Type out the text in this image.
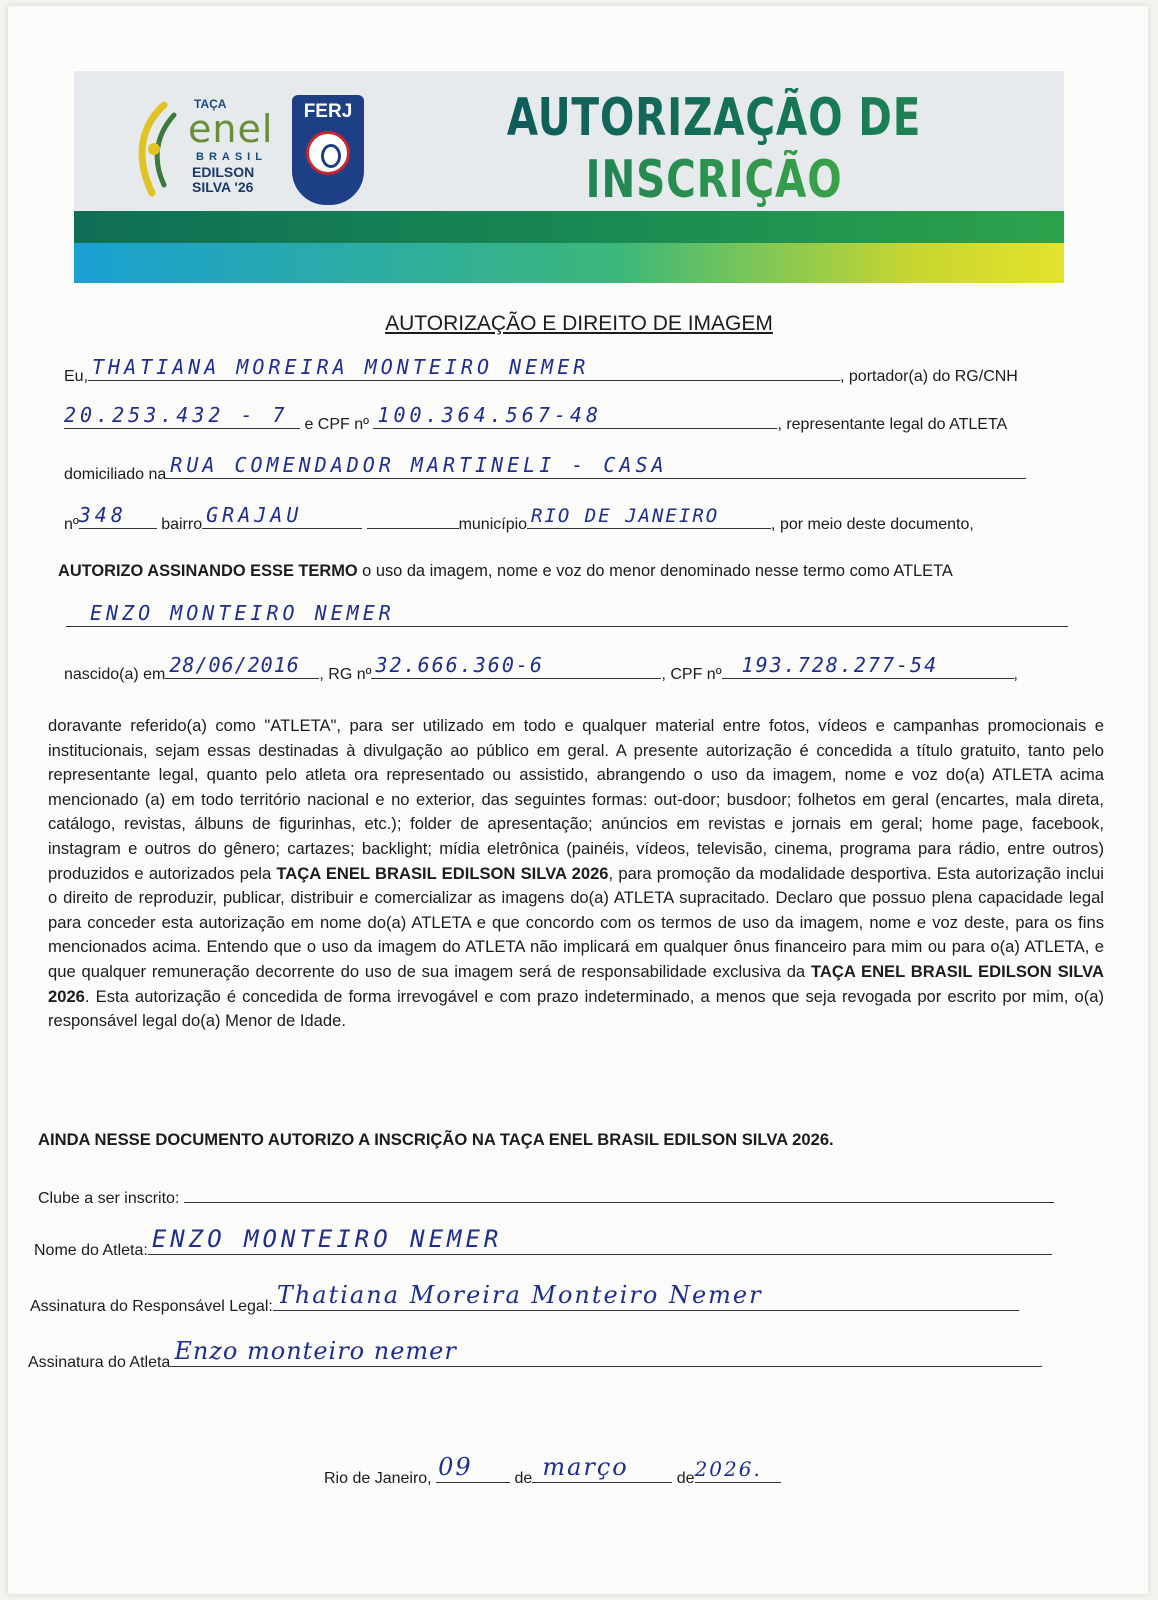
TAÇA
enel
BRASIL
EDILSON
SILVA '26
FERJ	AUTORIZAÇÃO DE INSCRIÇÃO

AUTORIZAÇÃO E DIREITO DE IMAGEM
Eu, THATIANA MOREIRA MONTEIRO NEMER	, portador(a) do RG/CNH
20.253.432 - 7 e CPF nº 100.364.567-48	, representante legal do ATLETA
domiciliado na RUA COMENDADOR MARTINELI - CASA
nº 348 bairro GRAJAU	município RIO DE JANEIRO	, por meio deste documento,
AUTORIZO ASSINANDO ESSE TERMO o uso da imagem, nome e voz do menor denominado nesse termo como ATLETA
ENZO MONTEIRO NEMER
nascido(a) em 28/06/2016 , RG nº 32.666.360-6	, CPF nº 193.728.277-54	,
doravante referido(a) como "ATLETA", para ser utilizado em todo e qualquer material entre fotos, vídeos e campanhas promocionais e institucionais, sejam essas destinadas à divulgação ao público em geral. A presente autorização é concedida a título gratuito, tanto pelo representante legal, quanto pelo atleta ora representado ou assistido, abrangendo o uso da imagem, nome e voz do(a) ATLETA acima mencionado (a) em todo território nacional e no exterior, das seguintes formas: out-door; busdoor; folhetos em geral (encartes, mala direta, catálogo, revistas, álbuns de figurinhas, etc.); folder de apresentação; anúncios em revistas e jornais em geral; home page, facebook, instagram e outros do gênero; cartazes; backlight; mídia eletrônica (painéis, vídeos, televisão, cinema, programa para rádio, entre outros) produzidos e autorizados pela TAÇA ENEL BRASIL EDILSON SILVA 2026, para promoção da modalidade desportiva. Esta autorização inclui o direito de reproduzir, publicar, distribuir e comercializar as imagens do(a) ATLETA supracitado. Declaro que possuo plena capacidade legal para conceder esta autorização em nome do(a) ATLETA e que concordo com os termos de uso da imagem, nome e voz deste, para os fins mencionados acima. Entendo que o uso da imagem do ATLETA não implicará em qualquer ônus financeiro para mim ou para o(a) ATLETA, e que qualquer remuneração decorrente do uso de sua imagem será de responsabilidade exclusiva da TAÇA ENEL BRASIL EDILSON SILVA 2026. Esta autorização é concedida de forma irrevogável e com prazo indeterminado, a menos que seja revogada por escrito por mim, o(a) responsável legal do(a) Menor de Idade.
AINDA NESSE DOCUMENTO AUTORIZO A INSCRIÇÃO NA TAÇA ENEL BRASIL EDILSON SILVA 2026.
Clube a ser inscrito:
Nome do Atleta: ENZO MONTEIRO NEMER
Assinatura do Responsável Legal: Thatiana Moreira Monteiro Nemer
Assinatura do Atleta Enzo monteiro nemer
Rio de Janeiro, 09	de março	de 2026.
